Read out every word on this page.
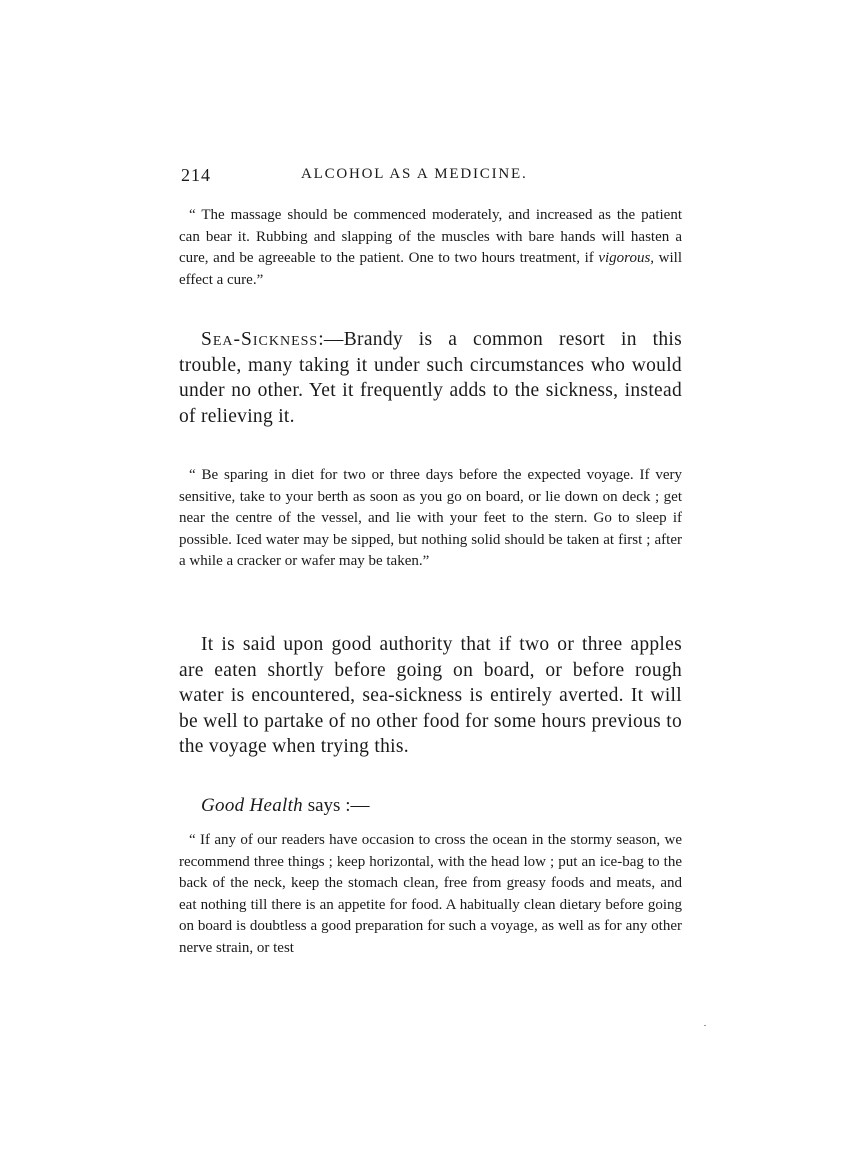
214	ALCOHOL AS A MEDICINE.

“ The massage should be commenced moderately, and increased as the patient can bear it. Rubbing and slapping of the muscles with bare hands will hasten a cure, and be agreeable to the patient. One to two hours treatment, if vigorous, will effect a cure.”

Sea-Sickness:—Brandy is a common resort in this trouble, many taking it under such circumstances who would under no other. Yet it frequently adds to the sickness, instead of relieving it.

“ Be sparing in diet for two or three days before the expected voyage. If very sensitive, take to your berth as soon as you go on board, or lie down on deck ; get near the centre of the vessel, and lie with your feet to the stern. Go to sleep if possible. Iced water may be sipped, but nothing solid should be taken at first ; after a while a cracker or wafer may be taken.”

It is said upon good authority that if two or three apples are eaten shortly before going on board, or before rough water is encountered, sea-sickness is entirely averted. It will be well to partake of no other food for some hours previous to the voyage when trying this.

Good Health says :—

“ If any of our readers have occasion to cross the ocean in the stormy season, we recommend three things ; keep horizontal, with the head low ; put an ice-bag to the back of the neck, keep the stomach clean, free from greasy foods and meats, and eat nothing till there is an appetite for food. A habitually clean dietary before going on board is doubtless a good preparation for such a voyage, as well as for any other nerve strain, or test
